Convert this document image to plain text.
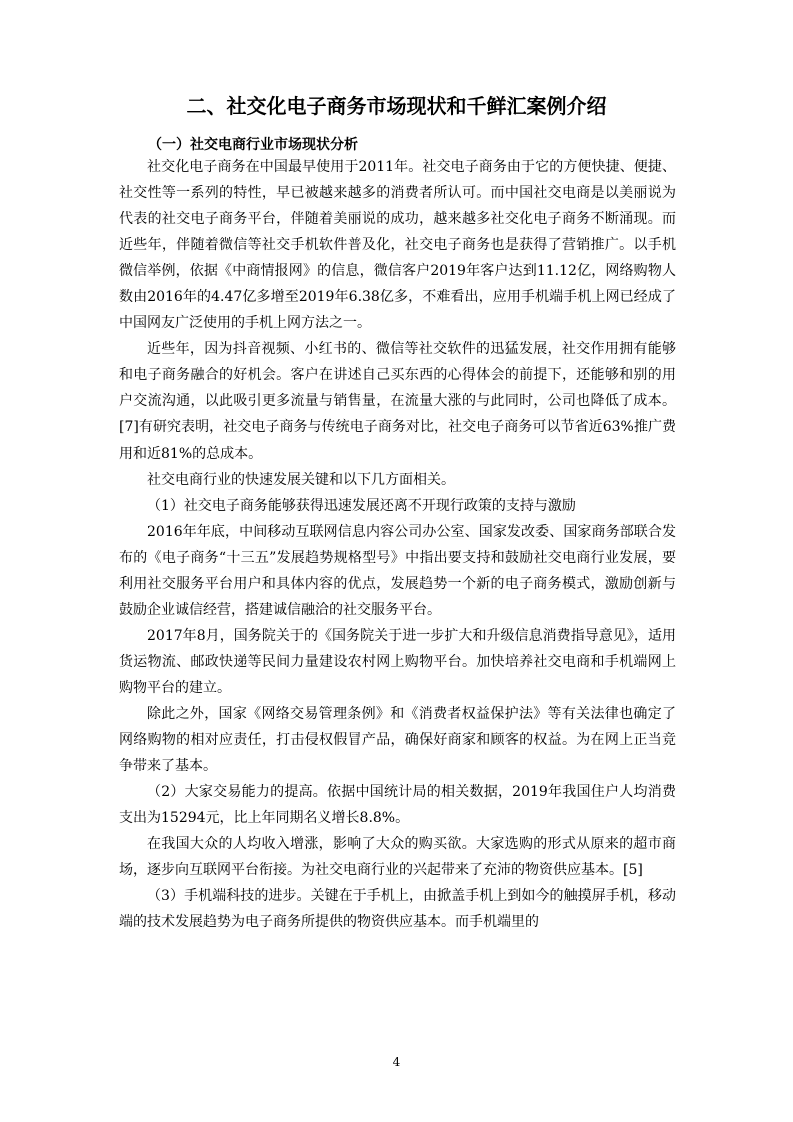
二、社交化电子商务市场现状和千鲜汇案例介绍
（一）社交电商行业市场现状分析

社交化电子商务在中国最早使用于2011年。社交电子商务由于它的方便快捷、便捷、社交性等一系列的特性，早已被越来越多的消费者所认可。而中国社交电商是以美丽说为代表的社交电子商务平台，伴随着美丽说的成功，越来越多社交化电子商务不断涌现。而近些年，伴随着微信等社交手机软件普及化，社交电子商务也是获得了营销推广。以手机微信举例，依据《中商情报网》的信息，微信客户2019年客户达到11.12亿，网络购物人数由2016年的4.47亿多增至2019年6.38亿多，不难看出，应用手机端手机上网已经成了中国网友广泛使用的手机上网方法之一。

近些年，因为抖音视频、小红书的、微信等社交软件的迅猛发展，社交作用拥有能够和电子商务融合的好机会。客户在讲述自己买东西的心得体会的前提下，还能够和别的用户交流沟通，以此吸引更多流量与销售量，在流量大涨的与此同时，公司也降低了成本。[7]有研究表明，社交电子商务与传统电子商务对比，社交电子商务可以节省近63%推广费用和近81%的总成本。

社交电商行业的快速发展关键和以下几方面相关。

（1）社交电子商务能够获得迅速发展还离不开现行政策的支持与激励

2016年年底，中间移动互联网信息内容公司办公室、国家发改委、国家商务部联合发布的《电子商务“十三五”发展趋势规格型号》中指出要支持和鼓励社交电商行业发展，要利用社交服务平台用户和具体内容的优点，发展趋势一个新的电子商务模式，激励创新与鼓励企业诚信经营，搭建诚信融洽的社交服务平台。

2017年8月，国务院关于的《国务院关于进一步扩大和升级信息消费指导意见》，适用货运物流、邮政快递等民间力量建设农村网上购物平台。加快培养社交电商和手机端网上购物平台的建立。

除此之外，国家《网络交易管理条例》和《消费者权益保护法》等有关法律也确定了网络购物的相对应责任，打击侵权假冒产品，确保好商家和顾客的权益。为在网上正当竞争带来了基本。

（2）大家交易能力的提高。依据中国统计局的相关数据，2019年我国住户人均消费支出为15294元，比上年同期名义增长8.8%。

在我国大众的人均收入增涨，影响了大众的购买欲。大家选购的形式从原来的超市商场，逐步向互联网平台衔接。为社交电商行业的兴起带来了充沛的物资供应基本。[5]

（3）手机端科技的进步。关键在于手机上，由掀盖手机上到如今的触摸屏手机，移动端的技术发展趋势为电子商务所提供的物资供应基本。而手机端里的

4
